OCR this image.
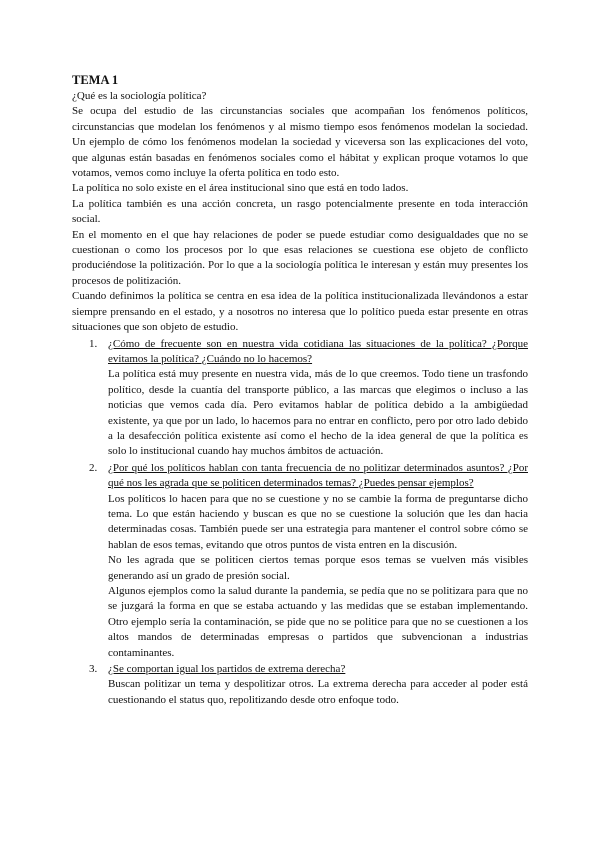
TEMA 1

¿Qué es la sociología política?

Se ocupa del estudio de las circunstancias sociales que acompañan los fenómenos políticos, circunstancias que modelan los fenómenos y al mismo tiempo esos fenómenos modelan la sociedad. Un ejemplo de cómo los fenómenos modelan la sociedad y viceversa son las explicaciones del voto, que algunas están basadas en fenómenos sociales como el hábitat y explican proque votamos lo que votamos, vemos como incluye la oferta política en todo esto.

La política no solo existe en el área institucional sino que está en todo lados.

La política también es una acción concreta, un rasgo potencialmente presente en toda interacción social.

En el momento en el que hay relaciones de poder se puede estudiar como desigualdades que no se cuestionan o como los procesos por lo que esas relaciones se cuestiona ese objeto de conflicto produciéndose la politización. Por lo que a la sociología política le interesan y están muy presentes los procesos de politización.

Cuando definimos la política se centra en esa idea de la política institucionalizada llevándonos a estar siempre prensando en el estado, y a nosotros no interesa que lo político pueda estar presente en otras situaciones que son objeto de estudio.

1. ¿Cómo de frecuente son en nuestra vida cotidiana las situaciones de la política? ¿Porque evitamos la política? ¿Cuándo no lo hacemos?

La política está muy presente en nuestra vida, más de lo que creemos. Todo tiene un trasfondo político, desde la cuantía del transporte público, a las marcas que elegimos o incluso a las noticias que vemos cada día. Pero evitamos hablar de política debido a la ambigüedad existente, ya que por un lado, lo hacemos para no entrar en conflicto, pero por otro lado debido a la desafección política existente así como el hecho de la idea general de que la política es solo lo institucional cuando hay muchos ámbitos de actuación.

2. ¿Por qué los políticos hablan con tanta frecuencia de no politizar determinados asuntos? ¿Por qué nos les agrada que se politicen determinados temas? ¿Puedes pensar ejemplos?

Los políticos lo hacen para que no se cuestione y no se cambie la forma de preguntarse dicho tema. Lo que están haciendo y buscan es que no se cuestione la solución que les dan hacia determinadas cosas. También puede ser una estrategia para mantener el control sobre cómo se hablan de esos temas, evitando que otros puntos de vista entren en la discusión.

No les agrada que se politicen ciertos temas porque esos temas se vuelven más visibles generando así un grado de presión social.

Algunos ejemplos como la salud durante la pandemia, se pedía que no se politizara para que no se juzgará la forma en que se estaba actuando y las medidas que se estaban implementando. Otro ejemplo sería la contaminación, se pide que no se politice para que no se cuestionen a los altos mandos de determinadas empresas o partidos que subvencionan a industrias contaminantes.

3. ¿Se comportan igual los partidos de extrema derecha?

Buscan politizar un tema y despolitizar otros. La extrema derecha para acceder al poder está cuestionando el status quo, repolitizando desde otro enfoque todo.
